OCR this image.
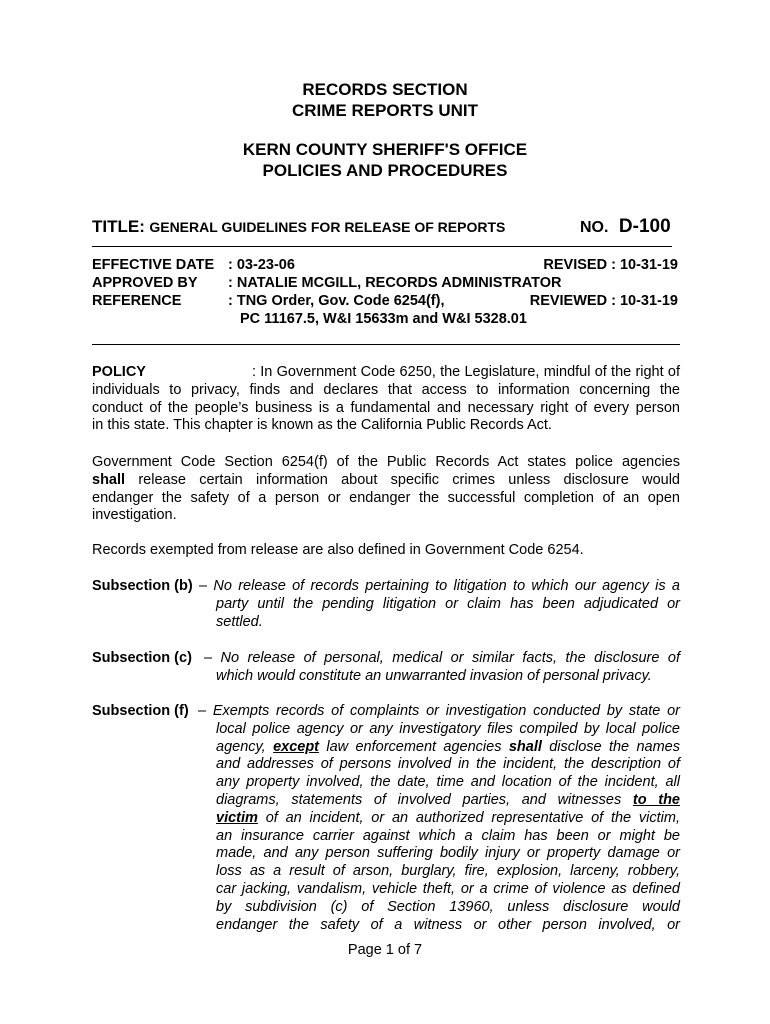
RECORDS SECTION
CRIME REPORTS UNIT
KERN COUNTY SHERIFF'S OFFICE
POLICIES AND PROCEDURES
TITLE: GENERAL GUIDELINES FOR RELEASE OF REPORTS	NO. D-100
EFFECTIVE DATE : 03-23-06	REVISED : 10-31-19
APPROVED BY : NATALIE MCGILL, RECORDS ADMINISTRATOR
REFERENCE	: TNG Order, Gov. Code 6254(f),	REVIEWED : 10-31-19
PC 11167.5, W&I 15633m and W&I 5328.01
POLICY	: In Government Code 6250, the Legislature, mindful of the right of
individuals to privacy, finds and declares that access to information concerning the
conduct of the people’s business is a fundamental and necessary right of every person
in this state. This chapter is known as the California Public Records Act.
Government Code Section 6254(f) of the Public Records Act states police agencies
shall release certain information about specific crimes unless disclosure would
endanger the safety of a person or endanger the successful completion of an open
investigation.
Records exempted from release are also defined in Government Code 6254.
Subsection (b) – No release of records pertaining to litigation to which our agency is a
party until the pending litigation or claim has been adjudicated or
settled.
Subsection (c) – No release of personal, medical or similar facts, the disclosure of
which would constitute an unwarranted invasion of personal privacy.
Subsection (f) – Exempts records of complaints or investigation conducted by state or
local police agency or any investigatory files compiled by local police
agency, except law enforcement agencies shall disclose the names
and addresses of persons involved in the incident, the description of
any property involved, the date, time and location of the incident, all
diagrams, statements of involved parties, and witnesses to the
victim of an incident, or an authorized representative of the victim,
an insurance carrier against which a claim has been or might be
made, and any person suffering bodily injury or property damage or
loss as a result of arson, burglary, fire, explosion, larceny, robbery,
car jacking, vandalism, vehicle theft, or a crime of violence as defined
by subdivision (c) of Section 13960, unless disclosure would
endanger the safety of a witness or other person involved, or
Page 1 of 7
